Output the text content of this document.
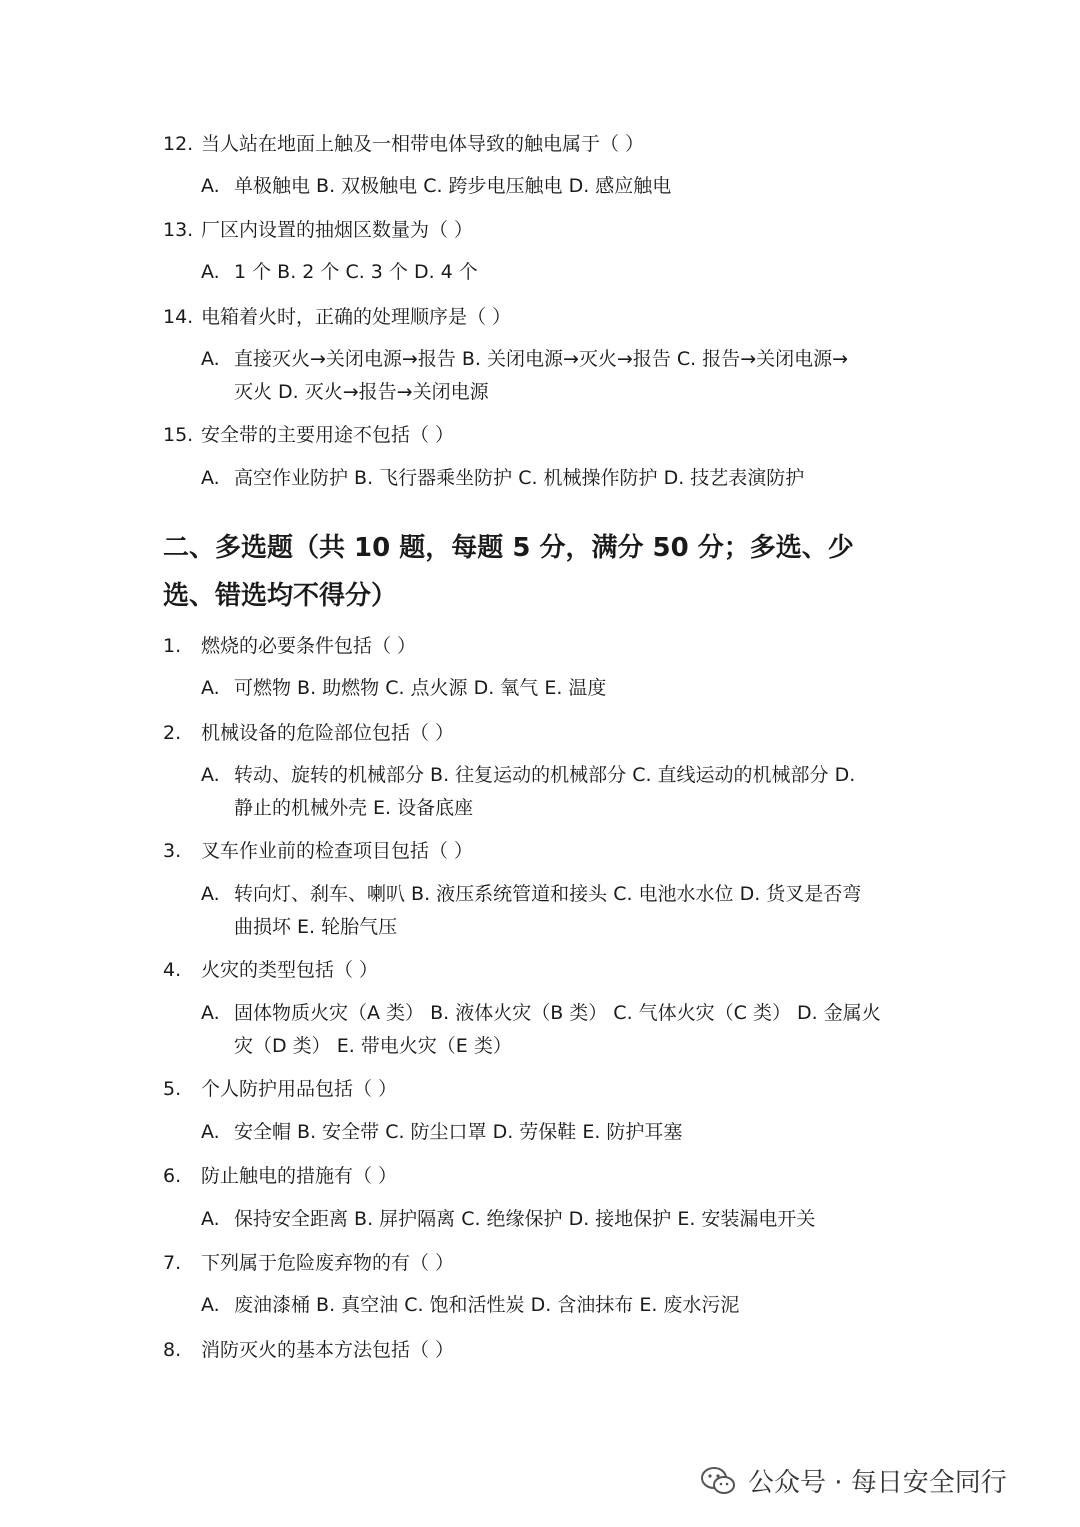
12. 当人站在地面上触及一相带电体导致的触电属于（ ）
A. 单极触电 B. 双极触电 C. 跨步电压触电 D. 感应触电
13. 厂区内设置的抽烟区数量为（ ）
A. 1 个 B. 2 个 C. 3 个 D. 4 个
14. 电箱着火时，正确的处理顺序是（ ）
A. 直接灭火→关闭电源→报告 B. 关闭电源→灭火→报告 C. 报告→关闭电源→
灭火 D. 灭火→报告→关闭电源
15. 安全带的主要用途不包括（ ）
A. 高空作业防护 B. 飞行器乘坐防护 C. 机械操作防护 D. 技艺表演防护
二、多选题（共 10 题，每题 5 分，满分 50 分；多选、少
选、错选均不得分）
1. 燃烧的必要条件包括（ ）
A. 可燃物 B. 助燃物 C. 点火源 D. 氧气 E. 温度
2. 机械设备的危险部位包括（ ）
A. 转动、旋转的机械部分 B. 往复运动的机械部分 C. 直线运动的机械部分 D.
静止的机械外壳 E. 设备底座
3. 叉车作业前的检查项目包括（ ）
A. 转向灯、刹车、喇叭 B. 液压系统管道和接头 C. 电池水水位 D. 货叉是否弯
曲损坏 E. 轮胎气压
4. 火灾的类型包括（ ）
A. 固体物质火灾（A 类） B. 液体火灾（B 类） C. 气体火灾（C 类） D. 金属火
灾（D 类） E. 带电火灾（E 类）
5. 个人防护用品包括（ ）
A. 安全帽 B. 安全带 C. 防尘口罩 D. 劳保鞋 E. 防护耳塞
6. 防止触电的措施有（ ）
A. 保持安全距离 B. 屏护隔离 C. 绝缘保护 D. 接地保护 E. 安装漏电开关
7. 下列属于危险废弃物的有（ ）
A. 废油漆桶 B. 真空油 C. 饱和活性炭 D. 含油抹布 E. 废水污泥
8. 消防灭火的基本方法包括（ ）
公众号 · 每日安全同行
